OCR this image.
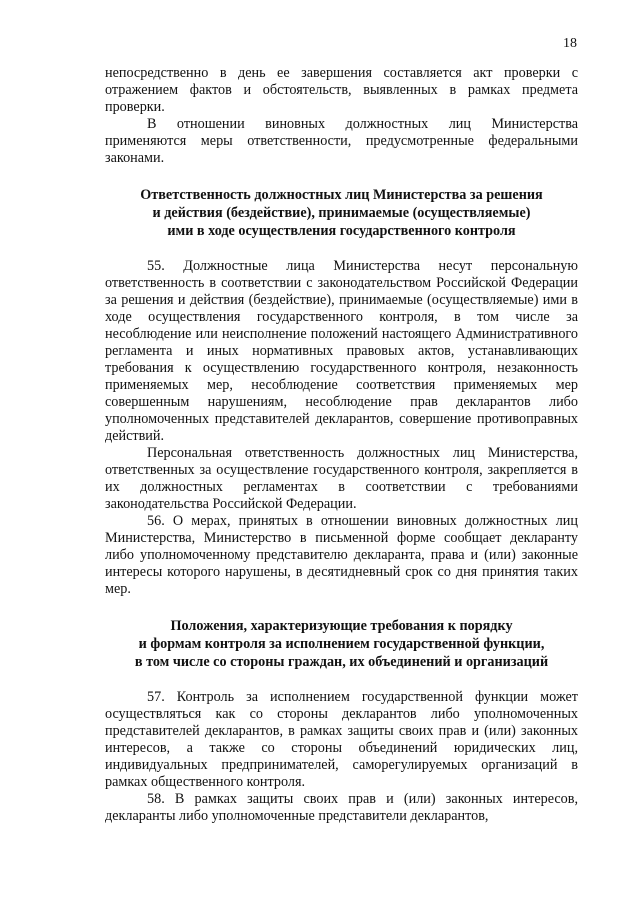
18

непосредственно в день ее завершения составляется акт проверки с отражением фактов и обстоятельств, выявленных в рамках предмета проверки.

В отношении виновных должностных лиц Министерства применяются меры ответственности, предусмотренные федеральными законами.

Ответственность должностных лиц Министерства за решения
и действия (бездействие), принимаемые (осуществляемые)
ими в ходе осуществления государственного контроля

55. Должностные лица Министерства несут персональную ответственность в соответствии с законодательством Российской Федерации за решения и действия (бездействие), принимаемые (осуществляемые) ими в ходе осуществления государственного контроля, в том числе за несоблюдение или неисполнение положений настоящего Административного регламента и иных нормативных правовых актов, устанавливающих требования к осуществлению государственного контроля, незаконность применяемых мер, несоблюдение соответствия применяемых мер совершенным нарушениям, несоблюдение прав декларантов либо уполномоченных представителей декларантов, совершение противоправных действий.

Персональная ответственность должностных лиц Министерства, ответственных за осуществление государственного контроля, закрепляется в их должностных регламентах в соответствии с требованиями законодательства Российской Федерации.

56. О мерах, принятых в отношении виновных должностных лиц Министерства, Министерство в письменной форме сообщает декларанту либо уполномоченному представителю декларанта, права и (или) законные интересы которого нарушены, в десятидневный срок со дня принятия таких мер.

Положения, характеризующие требования к порядку
и формам контроля за исполнением государственной функции,
в том числе со стороны граждан, их объединений и организаций

57. Контроль за исполнением государственной функции может осуществляться как со стороны декларантов либо уполномоченных представителей декларантов, в рамках защиты своих прав и (или) законных интересов, а также со стороны объединений юридических лиц, индивидуальных предпринимателей, саморегулируемых организаций в рамках общественного контроля.

58. В рамках защиты своих прав и (или) законных интересов, декларанты либо уполномоченные представители декларантов,
